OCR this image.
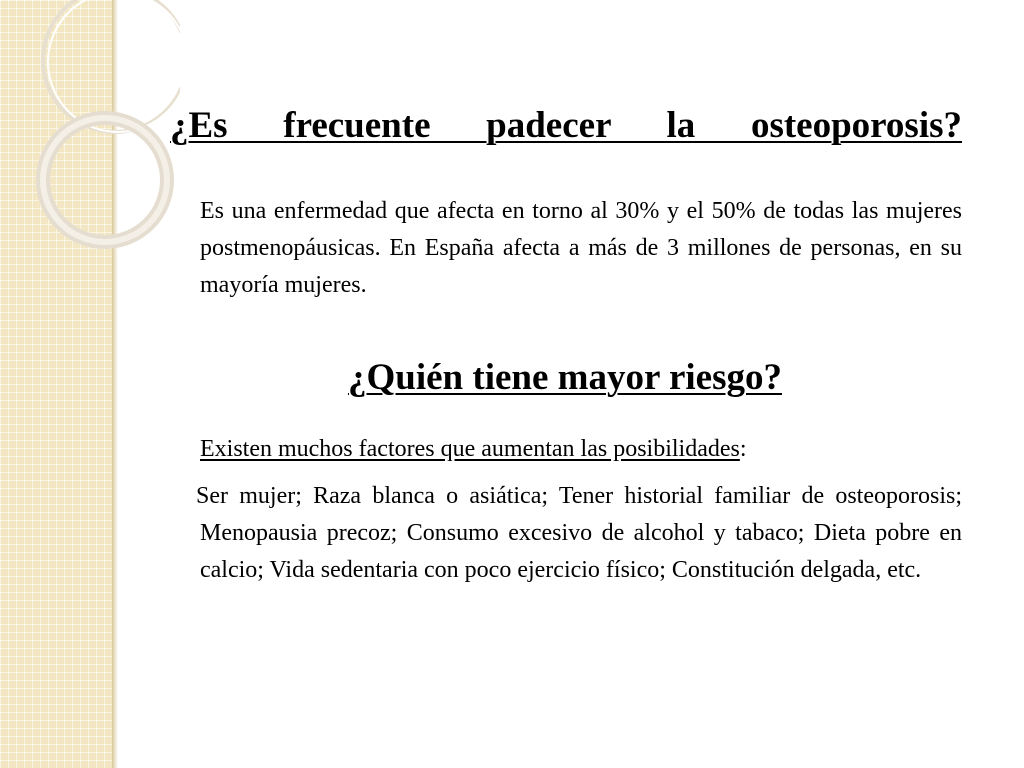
¿Es frecuente padecer la osteoporosis?

Es una enfermedad que afecta en torno al 30% y el 50% de todas las mujeres postmenopáusicas. En España afecta a más de 3 millones de personas, en su mayoría mujeres.

¿Quién tiene mayor riesgo?

Existen muchos factores que aumentan las posibilidades:

Ser mujer; Raza blanca o asiática; Tener historial familiar de osteoporosis; Menopausia precoz; Consumo excesivo de alcohol y tabaco; Dieta pobre en calcio; Vida sedentaria con poco ejercicio físico; Constitución delgada, etc.
